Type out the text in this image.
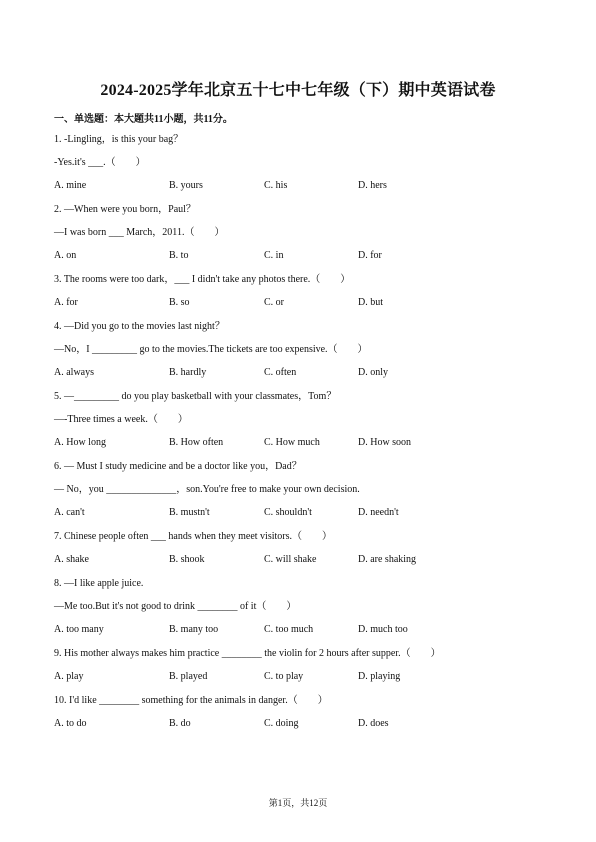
2024-2025学年北京五十七中七年级（下）期中英语试卷
一、单选题：本大题共11小题，共11分。
1. -Lingling，is this your bag？
-Yes.it's ___.（　　）
A. mine	B. yours	C. his	D. hers
2. —When were you born，Paul？
—I was born ___ March，2011.（　　）
A. on	B. to	C. in	D. for
3. The rooms were too dark，___ I didn't take any photos there.（　　）
A. for	B. so	C. or	D. but
4. —Did you go to the movies last night？
—No，I _________ go to the movies.The tickets are too expensive.（　　）
A. always	B. hardly	C. often	D. only
5. —_________ do you play basketball with your classmates，Tom？
—-Three times a week.（　　）
A. How long	B. How often	C. How much	D. How soon
6. — Must I study medicine and be a doctor like you，Dad？
— No，you ______________，son.You're free to make your own decision.
A. can't	B. mustn't	C. shouldn't	D. needn't
7. Chinese people often ___ hands when they meet visitors.（　　）
A. shake	B. shook	C. will shake	D. are shaking
8. —I like apple juice.
—Me too.But it's not good to drink ________ of it（　　）
A. too many	B. many too	C. too much	D. much too
9. His mother always makes him practice ________ the violin for 2 hours after supper.（　　）
A. play	B. played	C. to play	D. playing
10. I'd like ________ something for the animals in danger.（　　）
A. to do	B. do	C. doing	D. does
第1页，共12页
